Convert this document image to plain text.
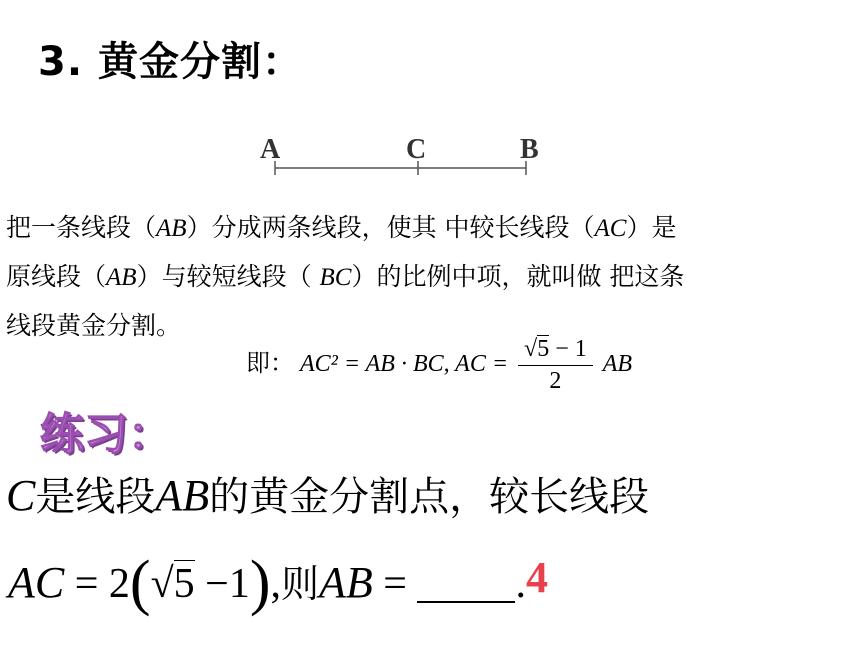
3. 黄金分割：
A	C	B

把一条线段（AB）分成两条线段，使其 中较长线段（AC）是

原线段（AB）与较短线段（ BC）的比例中项，就叫做 把这条

线段黄金分割。

即： AC² = AB · BC, AC = $\frac{√5 - 1}{2}$ AB
练习：
C是线段AB的黄金分割点，较长线段
AC = 2(√5 −1),则AB = . 4
